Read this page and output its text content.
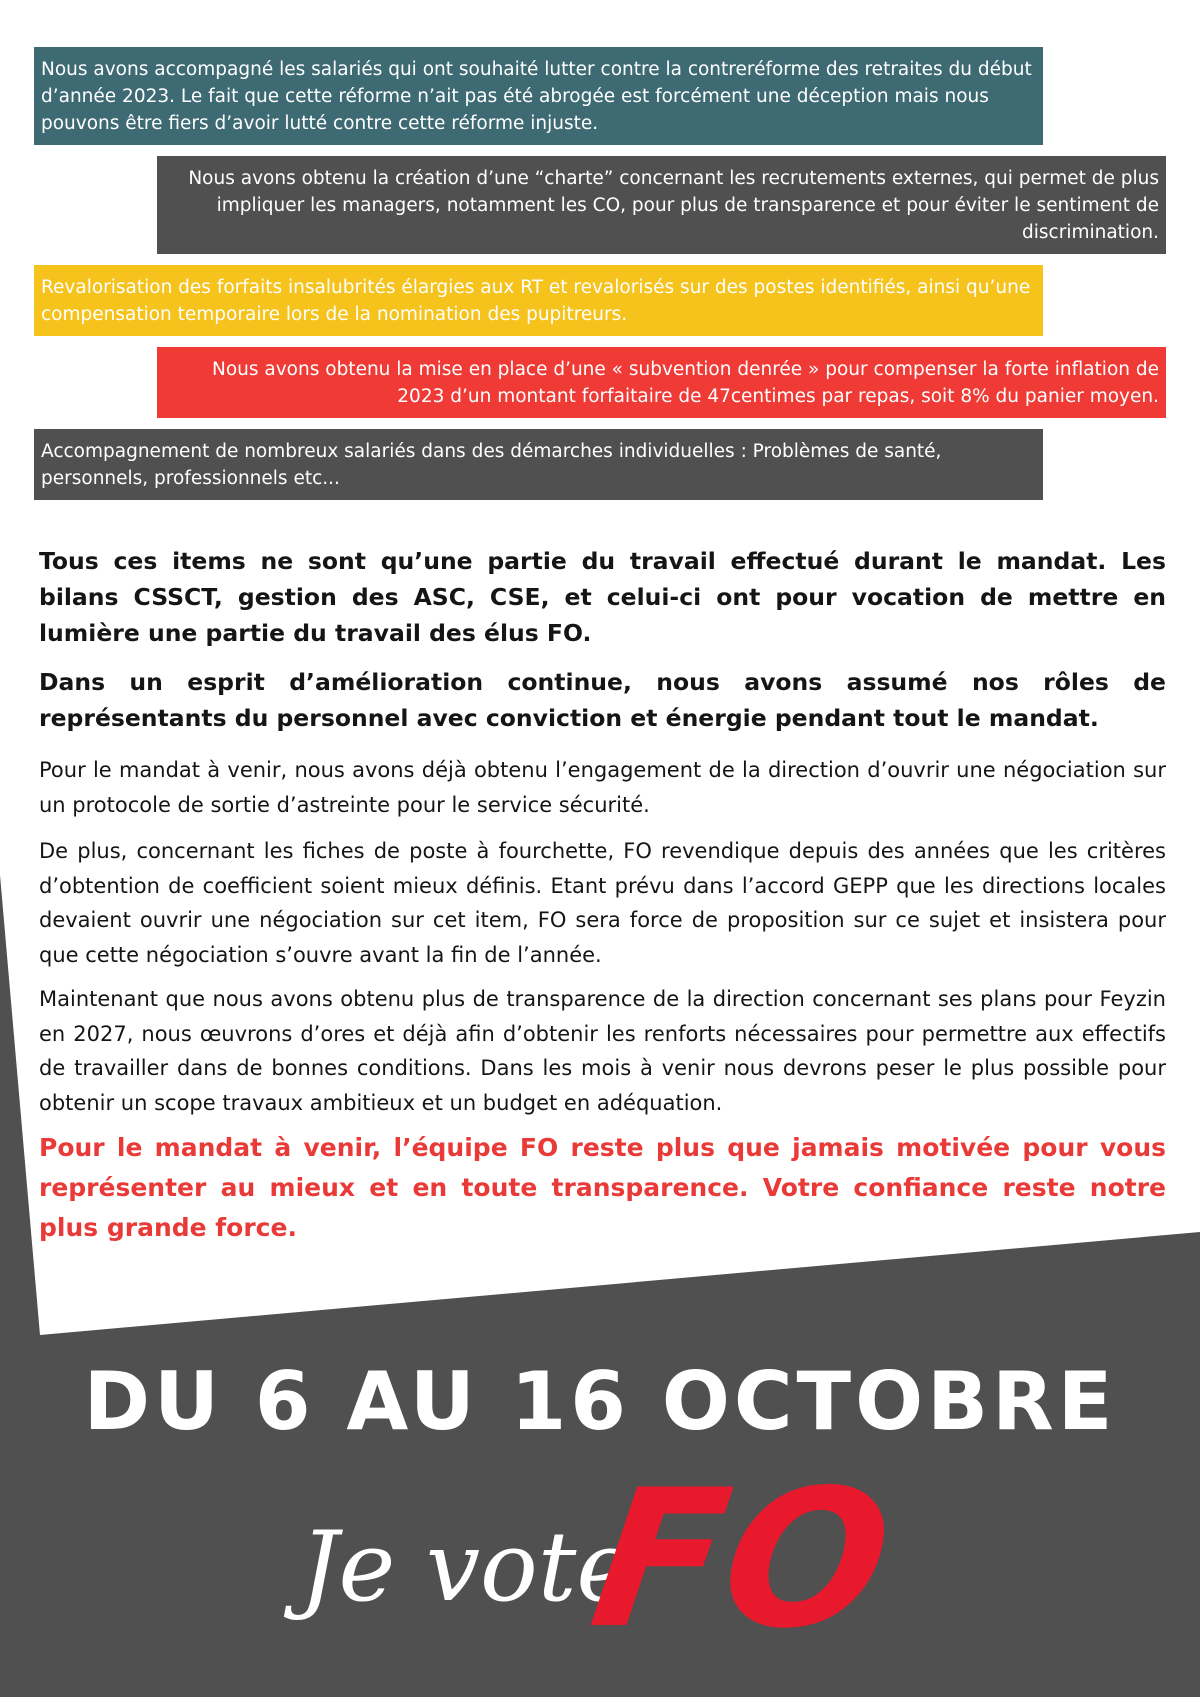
Nous avons accompagné les salariés qui ont souhaité lutter contre la contreréforme des retraites du début d’année 2023. Le fait que cette réforme n’ait pas été abrogée est forcément une déception mais nous pouvons être fiers d’avoir lutté contre cette réforme injuste.
Nous avons obtenu la création d’une “charte” concernant les recrutements externes, qui permet de plus impliquer les managers, notamment les CO, pour plus de transparence et pour éviter le sentiment de discrimination.
Revalorisation des forfaits insalubrités élargies aux RT et revalorisés sur des postes identifiés, ainsi qu’une compensation temporaire lors de la nomination des pupitreurs.
Nous avons obtenu la mise en place d’une « subvention denrée » pour compenser la forte inflation de 2023 d’un montant forfaitaire de 47centimes par repas, soit 8% du panier moyen.
Accompagnement de nombreux salariés dans des démarches individuelles : Problèmes de santé, personnels, professionnels etc...

Tous ces items ne sont qu’une partie du travail effectué durant le mandat. Les bilans CSSCT, gestion des ASC, CSE, et celui-ci ont pour vocation de mettre en lumière une partie du travail des élus FO.

Dans un esprit d’amélioration continue, nous avons assumé nos rôles de représentants du personnel avec conviction et énergie pendant tout le mandat.

Pour le mandat à venir, nous avons déjà obtenu l’engagement de la direction d’ouvrir une négociation sur un protocole de sortie d’astreinte pour le service sécurité.

De plus, concernant les fiches de poste à fourchette, FO revendique depuis des années que les critères d’obtention de coefficient soient mieux définis. Etant prévu dans l’accord GEPP que les directions locales devaient ouvrir une négociation sur cet item, FO sera force de proposition sur ce sujet et insistera pour que cette négociation s’ouvre avant la fin de l’année.

Maintenant que nous avons obtenu plus de transparence de la direction concernant ses plans pour Feyzin en 2027, nous œuvrons d’ores et déjà afin d’obtenir les renforts nécessaires pour permettre aux effectifs de travailler dans de bonnes conditions. Dans les mois à venir nous devrons peser le plus possible pour obtenir un scope travaux ambitieux et un budget en adéquation.

Pour le mandat à venir, l’équipe FO reste plus que jamais motivée pour vous représenter au mieux et en toute transparence. Votre confiance reste notre plus grande force.

DU 6 AU 16 OCTOBRE
Je vote
FO
